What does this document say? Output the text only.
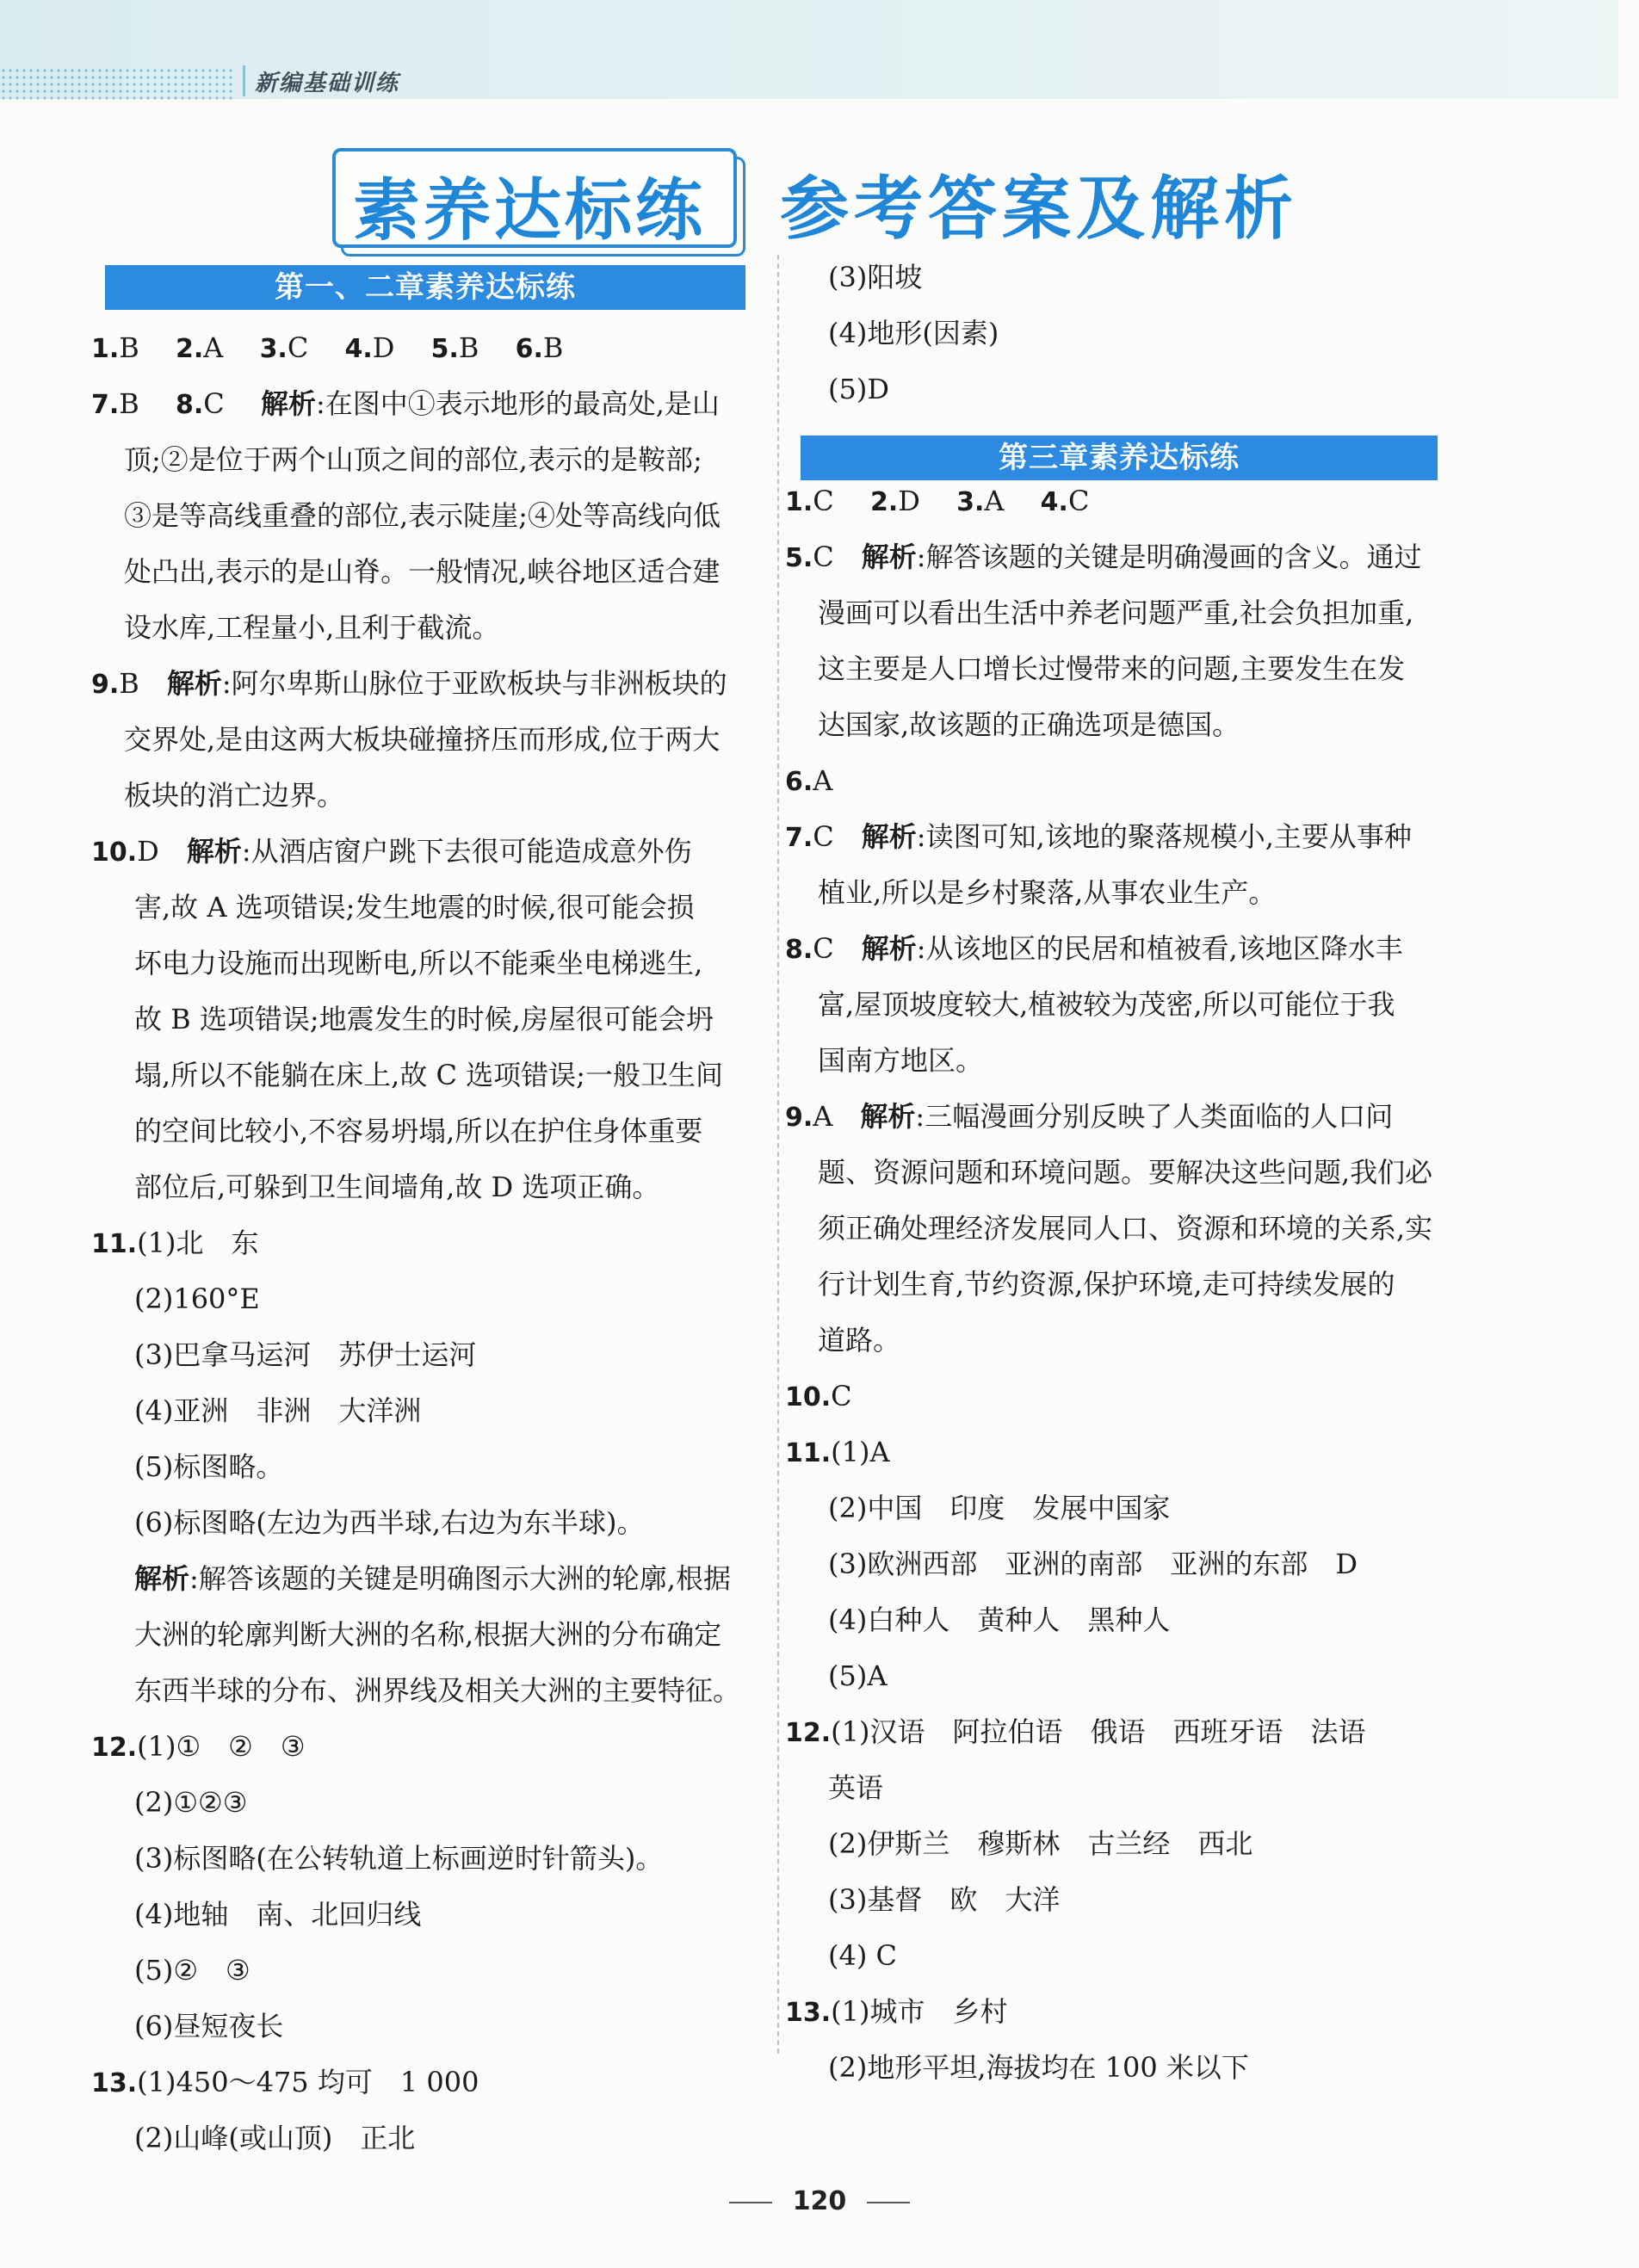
新编基础训练
素养达标练 参考答案及解析
第一、二章素养达标练
第三章素养达标练
1.B　 2.A　 3.C　 4.D　 5.B　 6.B
7.B　 8.C　 解析:在图中①表示地形的最高处,是山
顶;②是位于两个山顶之间的部位,表示的是鞍部;
③是等高线重叠的部位,表示陡崖;④处等高线向低
处凸出,表示的是山脊。一般情况,峡谷地区适合建
设水库,工程量小,且利于截流。
9.B　解析:阿尔卑斯山脉位于亚欧板块与非洲板块的
交界处,是由这两大板块碰撞挤压而形成,位于两大
板块的消亡边界。
10.D　解析:从酒店窗户跳下去很可能造成意外伤
害,故 A 选项错误;发生地震的时候,很可能会损
坏电力设施而出现断电,所以不能乘坐电梯逃生,
故 B 选项错误;地震发生的时候,房屋很可能会坍
塌,所以不能躺在床上,故 C 选项错误;一般卫生间
的空间比较小,不容易坍塌,所以在护住身体重要
部位后,可躲到卫生间墙角,故 D 选项正确。
11.(1)北　东
(2)160°E
(3)巴拿马运河　苏伊士运河
(4)亚洲　非洲　大洋洲
(5)标图略。
(6)标图略(左边为西半球,右边为东半球)。
解析:解答该题的关键是明确图示大洲的轮廓,根据
大洲的轮廓判断大洲的名称,根据大洲的分布确定
东西半球的分布、洲界线及相关大洲的主要特征。
12.(1)①　②　③
(2)①②③
(3)标图略(在公转轨道上标画逆时针箭头)。
(4)地轴　南、北回归线
(5)②　③
(6)昼短夜长
13.(1)450～475 均可　1 000
(2)山峰(或山顶)　正北
(3)阳坡
(4)地形(因素)
(5)D
1.C　 2.D　 3.A　 4.C
5.C　解析:解答该题的关键是明确漫画的含义。通过
漫画可以看出生活中养老问题严重,社会负担加重,
这主要是人口增长过慢带来的问题,主要发生在发
达国家,故该题的正确选项是德国。
6.A
7.C　解析:读图可知,该地的聚落规模小,主要从事种
植业,所以是乡村聚落,从事农业生产。
8.C　解析:从该地区的民居和植被看,该地区降水丰
富,屋顶坡度较大,植被较为茂密,所以可能位于我
国南方地区。
9.A　解析:三幅漫画分别反映了人类面临的人口问
题、资源问题和环境问题。要解决这些问题,我们必
须正确处理经济发展同人口、资源和环境的关系,实
行计划生育,节约资源,保护环境,走可持续发展的
道路。
10.C
11.(1)A
(2)中国　印度　发展中国家
(3)欧洲西部　亚洲的南部　亚洲的东部　D
(4)白种人　黄种人　黑种人
(5)A
12.(1)汉语　阿拉伯语　俄语　西班牙语　法语
英语
(2)伊斯兰　穆斯林　古兰经　西北
(3)基督　欧　大洋
(4) C
13.(1)城市　乡村
(2)地形平坦,海拔均在 100 米以下
120
